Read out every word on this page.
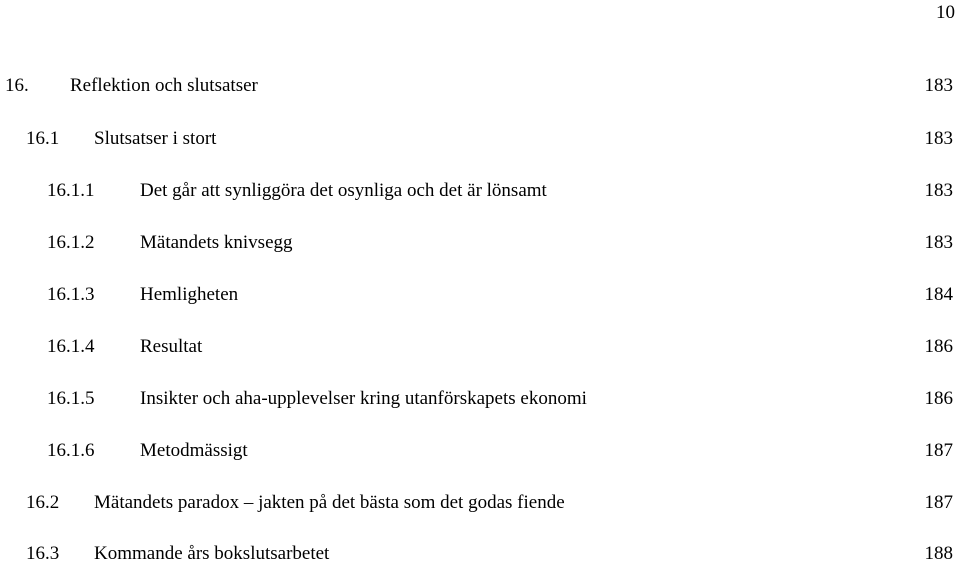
10
16. Reflektion och slutsatser	183
16.1 Slutsatser i stort	183
16.1.1 Det går att synliggöra det osynliga och det är lönsamt	183
16.1.2 Mätandets knivsegg	183
16.1.3 Hemligheten	184
16.1.4 Resultat	186
16.1.5 Insikter och aha-upplevelser kring utanförskapets ekonomi	186
16.1.6 Metodmässigt	187
16.2 Mätandets paradox – jakten på det bästa som det godas fiende	187
16.3 Kommande års bokslutsarbetet	188
